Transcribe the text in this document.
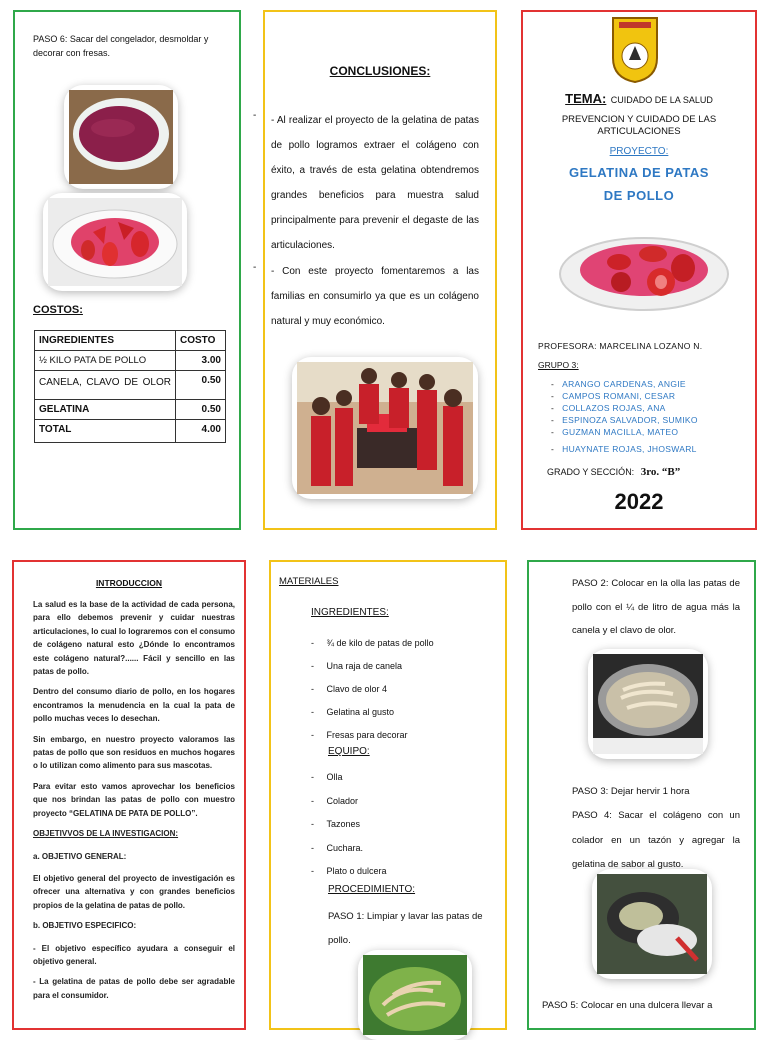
PASO 6: Sacar del congelador, desmoldar y decorar con fresas.
COSTOS:
INGREDIENTES	COSTO
½ KILO PATA DE POLLO	3.00
CANELA, CLAVO DE OLOR	0.50
GELATINA	0.50
TOTAL	4.00
CONCLUSIONES:
- - Al realizar el proyecto de la gelatina de patas de pollo logramos extraer el colágeno con éxito, a través de esta gelatina obtendremos grandes beneficios para muestra salud principalmente para prevenir el degaste de las articulaciones.
- - Con este proyecto fomentaremos a las familias en consumirlo ya que es un colágeno natural y muy económico.
TEMA: CUIDADO DE LA SALUD
PREVENCION Y CUIDADO DE LAS ARTICULACIONES
PROYECTO:
GELATINA DE PATAS
DE POLLO
PROFESORA: MARCELINA LOZANO N.
GRUPO 3:
-   ARANGO CARDENAS, ANGIE
-   CAMPOS ROMANI, CESAR
-   COLLAZOS ROJAS, ANA
-   ESPINOZA SALVADOR, SUMIKO
-   GUZMAN MACILLA, MATEO
-   HUAYNATE ROJAS, JHOSWARL
GRADO Y SECCIÓN: 3ro. “B”
2022
INTRODUCCION

La salud es la base de la actividad de cada persona, para ello debemos prevenir y cuidar nuestras articulaciones, lo cual lo lograremos con el consumo de colágeno natural esto ¿Dónde lo encontramos este colágeno natural?...... Fácil y sencillo en las patas de pollo.

Dentro del consumo diario de pollo, en los hogares encontramos la menudencia en la cual la pata de pollo muchas veces lo desechan.

Sin embargo, en nuestro proyecto valoramos las patas de pollo que son residuos en muchos hogares o lo utilizan como alimento para sus mascotas.

Para evitar esto vamos aprovechar los beneficios que nos brindan las patas de pollo con muestro proyecto “GELATINA DE PATA DE POLLO”.

OBJETIVVOS DE LA INVESTIGACION:

a. OBJETIVO GENERAL:

El objetivo general del proyecto de investigación es ofrecer una alternativa y con grandes beneficios propios de la gelatina de patas de pollo.

b. OBJETIVO ESPECIFICO:

- El objetivo específico ayudara a conseguir el objetivo general.

- La gelatina de patas de pollo debe ser agradable para el consumidor.

MATERIALES
INGREDIENTES:
- ¾ de kilo de patas de pollo
- Una raja de canela
- Clavo de olor 4
- Gelatina al gusto
- Fresas para decorar
EQUIPO:
- Olla
- Colador
- Tazones
- Cuchara.
- Plato o dulcera
PROCEDIMIENTO:
PASO 1: Limpiar y lavar las patas de pollo.
PASO 2: Colocar en la olla las patas de pollo con el ¼ de litro de agua más la canela y el clavo de olor.
PASO 3: Dejar hervir 1 hora
PASO 4: Sacar el colágeno con un colador en un tazón y agregar la gelatina de sabor al gusto.
PASO 5: Colocar en una dulcera llevar a
